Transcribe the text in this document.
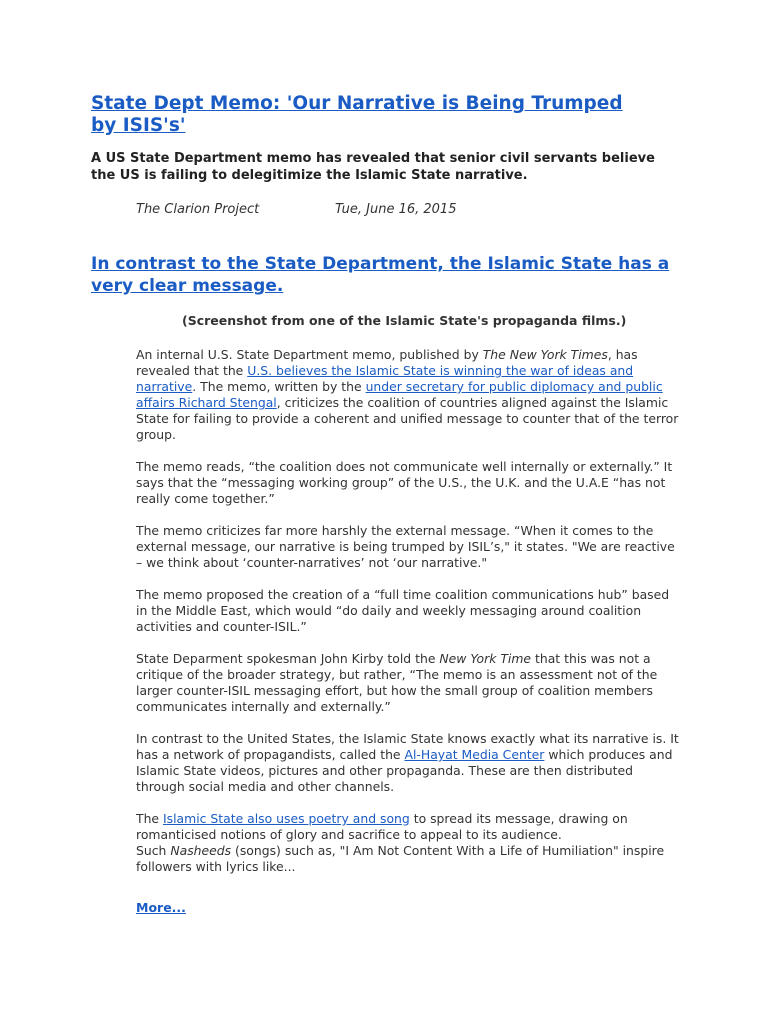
State Dept Memo: 'Our Narrative is Being Trumped by ISIS's'

A US State Department memo has revealed that senior civil servants believe the US is failing to delegitimize the Islamic State narrative.

The Clarion Project	Tue, June 16, 2015
In contrast to the State Department, the Islamic State has a very clear message.

(Screenshot from one of the Islamic State's propaganda films.)

An internal U.S. State Department memo, published by The New York Times, has revealed that the U.S. believes the Islamic State is winning the war of ideas and narrative. The memo, written by the under secretary for public diplomacy and public affairs Richard Stengal, criticizes the coalition of countries aligned against the Islamic State for failing to provide a coherent and unified message to counter that of the terror group.

The memo reads, “the coalition does not communicate well internally or externally.” It says that the “messaging working group” of the U.S., the U.K. and the U.A.E “has not really come together.”

The memo criticizes far more harshly the external message. “When it comes to the external message, our narrative is being trumped by ISIL’s," it states. "We are reactive – we think about ‘counter-narratives’ not ‘our narrative."

The memo proposed the creation of a “full time coalition communications hub” based in the Middle East, which would “do daily and weekly messaging around coalition activities and counter-ISIL.”

State Deparment spokesman John Kirby told the New York Time that this was not a critique of the broader strategy, but rather, “The memo is an assessment not of the larger counter-ISIL messaging effort, but how the small group of coalition members communicates internally and externally.”

In contrast to the United States, the Islamic State knows exactly what its narrative is. It has a network of propagandists, called the Al-Hayat Media Center which produces and Islamic State videos, pictures and other propaganda. These are then distributed through social media and other channels.

The Islamic State also uses poetry and song to spread its message, drawing on romanticised notions of glory and sacrifice to appeal to its audience.
Such Nasheeds (songs) such as, "I Am Not Content With a Life of Humiliation" inspire followers with lyrics like...

More...
